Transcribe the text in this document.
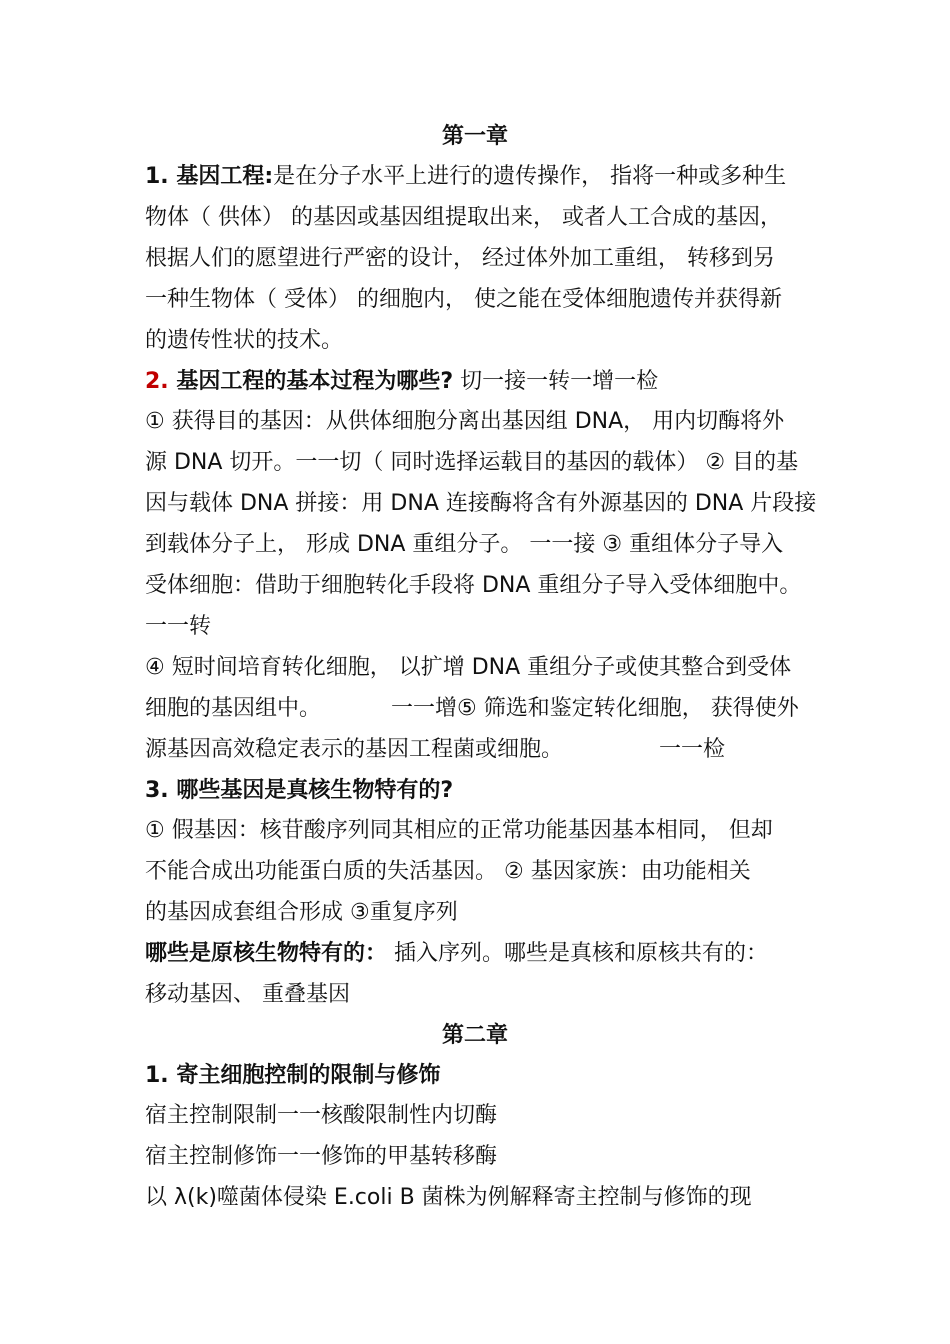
第一章
1. 基因工程:是在分子水平上进行的遗传操作， 指将一种或多种生
物体（ 供体） 的基因或基因组提取出来， 或者人工合成的基因，
根据人们的愿望进行严密的设计， 经过体外加工重组， 转移到另
一种生物体（ 受体） 的细胞内， 使之能在受体细胞遗传并获得新
的遗传性状的技术。
2. 基因工程的基本过程为哪些? 切一接一转一增一检
① 获得目的基因：从供体细胞分离出基因组 DNA， 用内切酶将外
源 DNA 切开。一一切（ 同时选择运载目的基因的载体） ② 目的基
因与载体 DNA 拼接：用 DNA 连接酶将含有外源基因的 DNA 片段接
到载体分子上， 形成 DNA 重组分子。 一一接 ③ 重组体分子导入
受体细胞：借助于细胞转化手段将 DNA 重组分子导入受体细胞中。
一一转
④ 短时间培育转化细胞， 以扩增 DNA 重组分子或使其整合到受体
细胞的基因组中。	一一增⑤ 筛选和鉴定转化细胞， 获得使外
源基因高效稳定表示的基因工程菌或细胞。	一一检
3. 哪些基因是真核生物特有的?
① 假基因：核苷酸序列同其相应的正常功能基因基本相同， 但却
不能合成出功能蛋白质的失活基因。 ② 基因家族：由功能相关
的基因成套组合形成 ③重复序列
哪些是原核生物特有的： 插入序列。哪些是真核和原核共有的：
移动基因、 重叠基因
第二章
1. 寄主细胞控制的限制与修饰
宿主控制限制一一核酸限制性内切酶
宿主控制修饰一一修饰的甲基转移酶
以 λ(k)噬菌体侵染 E.coli B 菌株为例解释寄主控制与修饰的现
